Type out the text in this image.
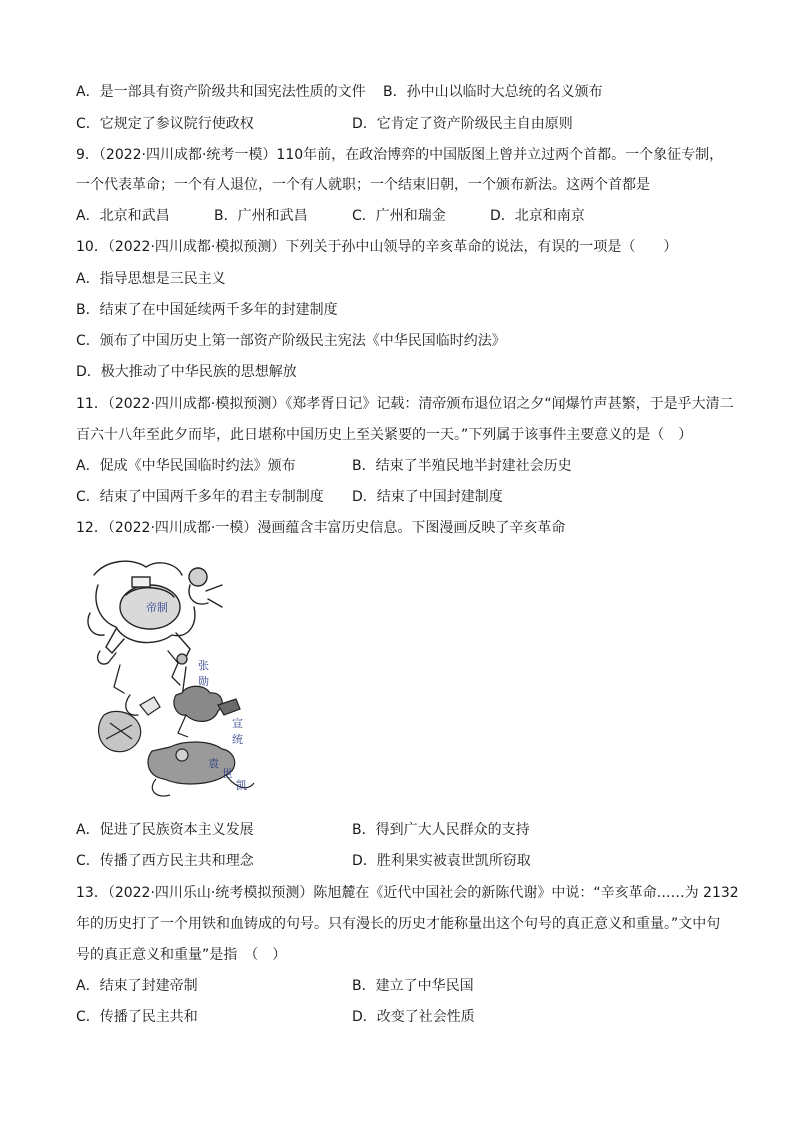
A．是一部具有资产阶级共和国宪法性质的文件 B．孙中山以临时大总统的名义颁布
C．它规定了参议院行使政权	D．它肯定了资产阶级民主自由原则
9．（2022·四川成都·统考一模）110年前，在政治博弈的中国版图上曾并立过两个首都。一个象征专制，
一个代表革命；一个有人退位，一个有人就职；一个结束旧朝，一个颁布新法。这两个首都是
A．北京和武昌	B．广州和武昌	C．广州和瑞金	D．北京和南京
10．（2022·四川成都·模拟预测）下列关于孙中山领导的辛亥革命的说法，有误的一项是（　　）
A．指导思想是三民主义
B．结束了在中国延续两千多年的封建制度
C．颁布了中国历史上第一部资产阶级民主宪法《中华民国临时约法》
D．极大推动了中华民族的思想解放
11．（2022·四川成都·模拟预测）《郑孝胥日记》记载：清帝颁布退位诏之夕“闻爆竹声甚繁，于是乎大清二
百六十八年至此夕而毕，此日堪称中国历史上至关紧要的一天。”下列属于该事件主要意义的是（　）
A．促成《中华民国临时约法》颁布	B．结束了半殖民地半封建社会历史
C．结束了中国两千多年的君主专制制度 D．结束了中国封建制度
12．（2022·四川成都·一模）漫画蕴含丰富历史信息。下图漫画反映了辛亥革命
帝制
张
勋
宣
统
袁
世
凯
A．促进了民族资本主义发展	B．得到广大人民群众的支持
C．传播了西方民主共和理念	D．胜利果实被袁世凯所窃取
13．（2022·四川乐山·统考模拟预测）陈旭麓在《近代中国社会的新陈代谢》中说：“辛亥革命……为 2132
年的历史打了一个用铁和血铸成的句号。只有漫长的历史才能称量出这个句号的真正意义和重量。”文中句
号的真正意义和重量”是指　（　）
A．结束了封建帝制	B．建立了中华民国
C．传播了民主共和	D．改变了社会性质
